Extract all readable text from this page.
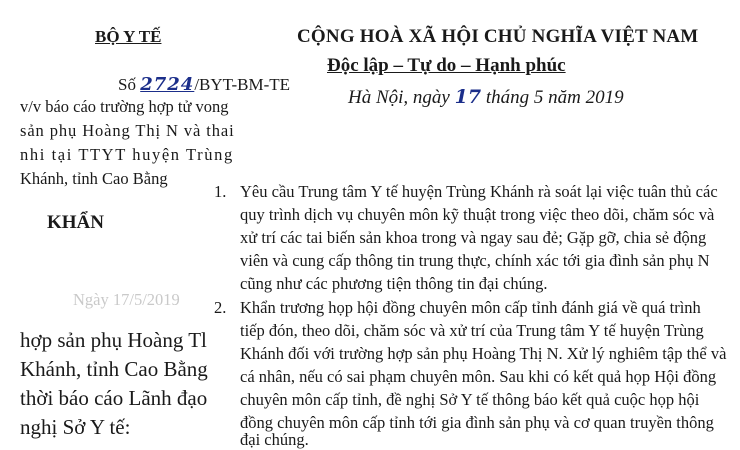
BỘ Y TẾ
Số 2724/BYT-BM-TE
v/v báo cáo trường hợp tử vong
sản phụ Hoàng Thị N và thai
nhi tại TTYT huyện Trùng
Khánh, tỉnh Cao Bằng
CỘNG HOÀ XÃ HỘI CHỦ NGHĨA VIỆT NAM
Độc lập – Tự do – Hạnh phúc
Hà Nội, ngày 17 tháng 5 năm 2019
KHẨN
Ngày 17/5/2019
hợp sản phụ Hoàng Tl
Khánh, tỉnh Cao Bằng
thời báo cáo Lãnh đạo
nghị Sở Y tế:
1. Yêu cầu Trung tâm Y tế huyện Trùng Khánh rà soát lại việc tuân thủ các
quy trình dịch vụ chuyên môn kỹ thuật trong việc theo dõi, chăm sóc và
xử trí các tai biến sản khoa trong và ngay sau đẻ; Gặp gỡ, chia sẻ động
viên và cung cấp thông tin trung thực, chính xác tới gia đình sản phụ N
cũng như các phương tiện thông tin đại chúng.
2. Khẩn trương họp hội đồng chuyên môn cấp tỉnh đánh giá về quá trình
tiếp đón, theo dõi, chăm sóc và xử trí của Trung tâm Y tế huyện Trùng
Khánh đối với trường hợp sản phụ Hoàng Thị N. Xử lý nghiêm tập thể và
cá nhân, nếu có sai phạm chuyên môn. Sau khi có kết quả họp Hội đồng
chuyên môn cấp tỉnh, đề nghị Sở Y tế thông báo kết quả cuộc họp hội
đồng chuyên môn cấp tỉnh tới gia đình sản phụ và cơ quan truyền thông
đại chúng.
